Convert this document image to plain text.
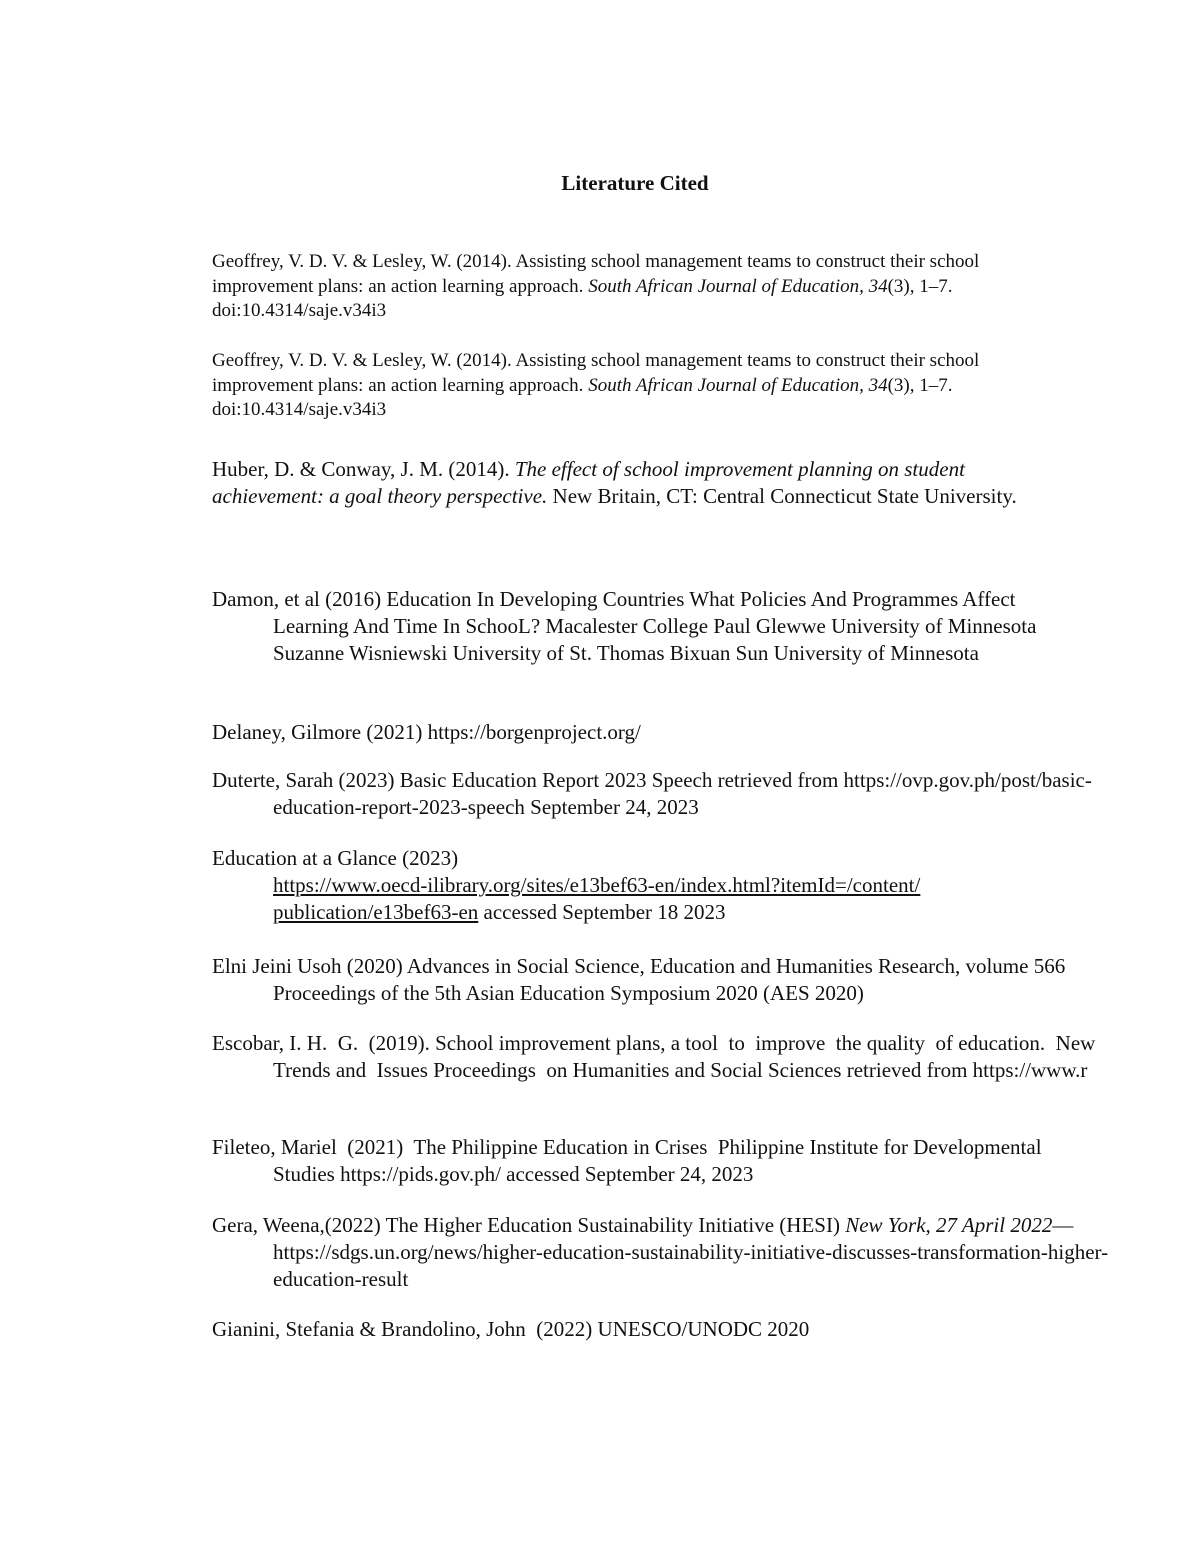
Literature Cited
Geoffrey, V. D. V. & Lesley, W. (2014). Assisting school management teams to construct their school improvement plans: an action learning approach. South African Journal of Education, 34(3), 1–7. doi:10.4314/saje.v34i3
Geoffrey, V. D. V. & Lesley, W. (2014). Assisting school management teams to construct their school improvement plans: an action learning approach. South African Journal of Education, 34(3), 1–7. doi:10.4314/saje.v34i3
Huber, D. & Conway, J. M. (2014). The effect of school improvement planning on student achievement: a goal theory perspective. New Britain, CT: Central Connecticut State University.
Damon, et al (2016) Education In Developing Countries What Policies And Programmes Affect Learning And Time In SchooL? Macalester College Paul Glewwe University of Minnesota Suzanne Wisniewski University of St. Thomas Bixuan Sun University of Minnesota
Delaney, Gilmore (2021) https://borgenproject.org/
Duterte, Sarah (2023) Basic Education Report 2023 Speech retrieved from https://ovp.gov.ph/post/basic-education-report-2023-speech September 24, 2023
Education at a Glance (2023)
https://www.oecd-ilibrary.org/sites/e13bef63-en/index.html?itemId=/content/
publication/e13bef63-en accessed September 18 2023
Elni Jeini Usoh (2020) Advances in Social Science, Education and Humanities Research, volume 566 Proceedings of the 5th Asian Education Symposium 2020 (AES 2020)
Escobar, I. H.  G.  (2019). School improvement plans, a tool  to  improve  the quality  of education.  New Trends and  Issues Proceedings  on Humanities and Social Sciences retrieved from https://www.r
Fileteo, Mariel  (2021)  The Philippine Education in Crises  Philippine Institute for Developmental Studies https://pids.gov.ph/ accessed September 24, 2023
Gera, Weena,(2022) The Higher Education Sustainability Initiative (HESI) New York, 27 April 2022—https://sdgs.un.org/news/higher-education-sustainability-initiative-discusses-transformation-higher-education-result
Gianini, Stefania & Brandolino, John  (2022) UNESCO/UNODC 2020
